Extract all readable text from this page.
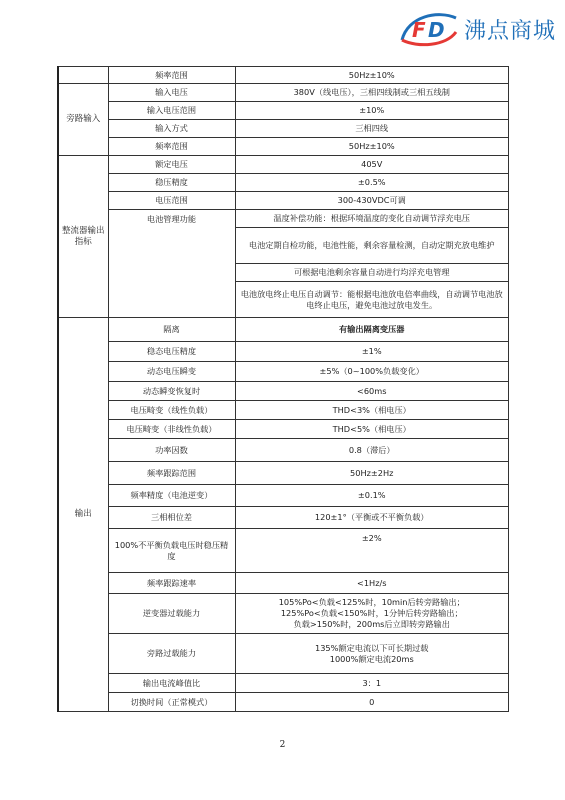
F D 沸点商城
	频率范围	50Hz±10%
旁路输入	输入电压	380V（线电压），三相四线制或三相五线制
	输入电压范围	±10%
	输入方式	三相四线
	频率范围	50Hz±10%
整流器输出指标	额定电压	405V
	稳压精度	±0.5%
	电压范围	300-430VDC可调
	电池管理功能	温度补偿功能：根据环境温度的变化自动调节浮充电压
		电池定期自检功能，电池性能，剩余容量检测，自动定期充放电维护
		可根据电池剩余容量自动进行均浮充电管理
		电池放电终止电压自动调节：能根据电池放电倍率曲线，自动调节电池放电终止电压，避免电池过放电发生。
输出	隔离	有输出隔离变压器
	稳态电压精度	±1%
	动态电压瞬变	±5%（0~100%负载变化）
	动态瞬变恢复时	<60ms
	电压畸变（线性负载）	THD<3%（相电压）
	电压畸变（非线性负载）	THD<5%（相电压）
	功率因数	0.8（滞后）
	频率跟踪范围	50Hz±2Hz
	频率精度（电池逆变）	±0.1%
	三相相位差	120±1°（平衡或不平衡负载）
	100%不平衡负载电压时稳压精度	±2%
	频率跟踪速率	<1Hz/s
	逆变器过载能力	105%Po<负载<125%时，10min后转旁路输出；
125%Po<负载<150%时，1分钟后转旁路输出；
负载>150%时，200ms后立即转旁路输出

	旁路过载能力	135%额定电流以下可长期过载
1000%额定电流20ms

	输出电流峰值比	3：1
	切换时间（正常模式）	0
2
